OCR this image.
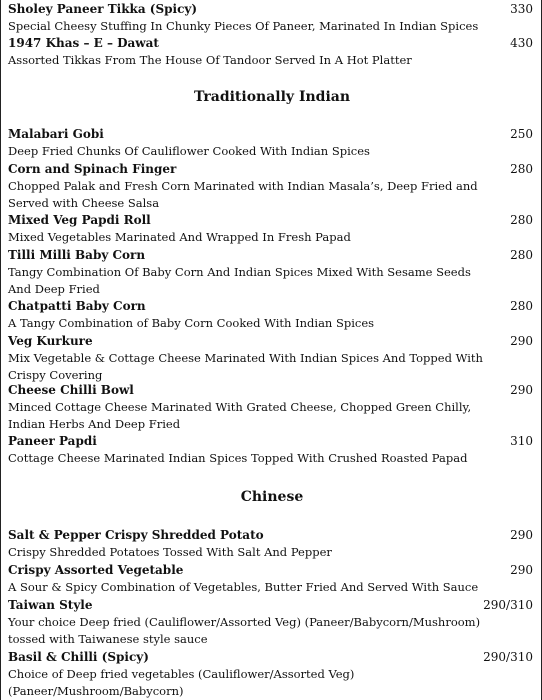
Sholey Paneer Tikka (Spicy)	330
Special Cheesy Stuffing In Chunky Pieces Of Paneer, Marinated In Indian Spices
1947 Khas – E – Dawat	430
Assorted Tikkas From The House Of Tandoor Served In A Hot Platter
Traditionally Indian
Malabari Gobi	250
Deep Fried Chunks Of Cauliflower Cooked With Indian Spices
Corn and Spinach Finger	280
Chopped Palak and Fresh Corn Marinated with Indian Masala’s, Deep Fried and Served with Cheese Salsa
Mixed Veg Papdi Roll	280
Mixed Vegetables Marinated And Wrapped In Fresh Papad
Tilli Milli Baby Corn	280
Tangy Combination Of Baby Corn And Indian Spices Mixed With Sesame Seeds And Deep Fried
Chatpatti Baby Corn	280
A Tangy Combination of Baby Corn Cooked With Indian Spices
Veg Kurkure	290
Mix Vegetable & Cottage Cheese Marinated With Indian Spices And Topped With Crispy Covering
Cheese Chilli Bowl	290
Minced Cottage Cheese Marinated With Grated Cheese, Chopped Green Chilly, Indian Herbs And Deep Fried
Paneer Papdi	310
Cottage Cheese Marinated Indian Spices Topped With Crushed Roasted Papad
Chinese
Salt & Pepper Crispy Shredded Potato	290
Crispy Shredded Potatoes Tossed With Salt And Pepper
Crispy Assorted Vegetable	290
A Sour & Spicy Combination of Vegetables, Butter Fried And Served With Sauce
Taiwan Style	290/310
Your choice Deep fried (Cauliflower/Assorted Veg) (Paneer/Babycorn/Mushroom) tossed with Taiwanese style sauce
Basil & Chilli (Spicy)	290/310
Choice of Deep fried vegetables (Cauliflower/Assorted Veg) (Paneer/Mushroom/Babycorn)
